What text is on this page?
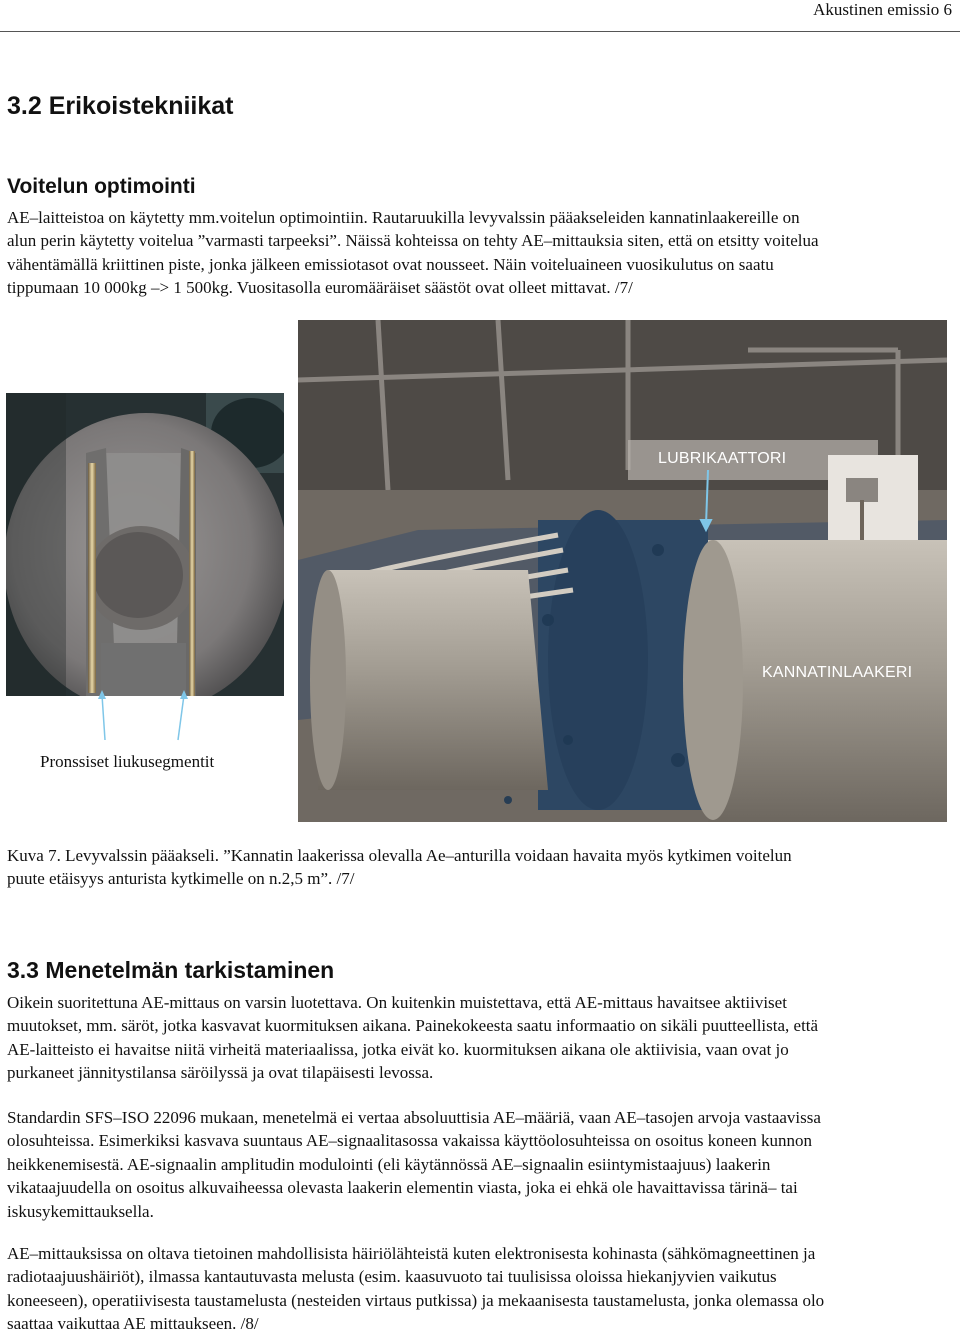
Akustinen emissio 6
3.2 Erikoistekniikat
Voitelun optimointi

AE–laitteistoa on käytetty mm.voitelun optimointiin. Rautaruukilla levyvalssin pääakseleiden kannatinlaakereille on
alun perin käytetty voitelua ”varmasti tarpeeksi”. Näissä kohteissa on tehty AE–mittauksia siten, että on etsitty voitelua
vähentämällä kriittinen piste, jonka jälkeen emissiotasot ovat nousseet. Näin voiteluaineen vuosikulutus on saatu
tippumaan 10 000kg –> 1 500kg. Vuositasolla euromääräiset säästöt ovat olleet mittavat. /7/

LUBRIKAATTORI
KANNATINLAAKERI
Pronssiset liukusegmentit

Kuva 7. Levyvalssin pääakseli. ”Kannatin laakerissa olevalla Ae–anturilla voidaan havaita myös kytkimen voitelun
puute etäisyys anturista kytkimelle on n.2,5 m”. /7/

3.3 Menetelmän tarkistaminen

Oikein suoritettuna AE-mittaus on varsin luotettava. On kuitenkin muistettava, että AE-mittaus havaitsee aktiiviset
muutokset, mm. säröt, jotka kasvavat kuormituksen aikana. Painekokeesta saatu informaatio on sikäli puutteellista, että
AE-laitteisto ei havaitse niitä virheitä materiaalissa, jotka eivät ko. kuormituksen aikana ole aktiivisia, vaan ovat jo
purkaneet jännitystilansa säröilyssä ja ovat tilapäisesti levossa.

Standardin SFS–ISO 22096 mukaan, menetelmä ei vertaa absoluuttisia AE–määriä, vaan AE–tasojen arvoja vastaavissa
olosuhteissa. Esimerkiksi kasvava suuntaus AE–signaalitasossa vakaissa käyttöolosuhteissa on osoitus koneen kunnon
heikkenemisestä. AE-signaalin amplitudin modulointi (eli käytännössä AE–signaalin esiintymistaajuus) laakerin
vikataajuudella on osoitus alkuvaiheessa olevasta laakerin elementin viasta, joka ei ehkä ole havaittavissa tärinä– tai
iskusykemittauksella.

AE–mittauksissa on oltava tietoinen mahdollisista häiriölähteistä kuten elektronisesta kohinasta (sähkömagneettinen ja
radiotaajuushäiriöt), ilmassa kantautuvasta melusta (esim. kaasuvuoto tai tuulisissa oloissa hiekanjyvien vaikutus
koneeseen), operatiivisesta taustamelusta (nesteiden virtaus putkissa) ja mekaanisesta taustamelusta, jonka olemassa olo
saattaa vaikuttaa AE mittaukseen. /8/
